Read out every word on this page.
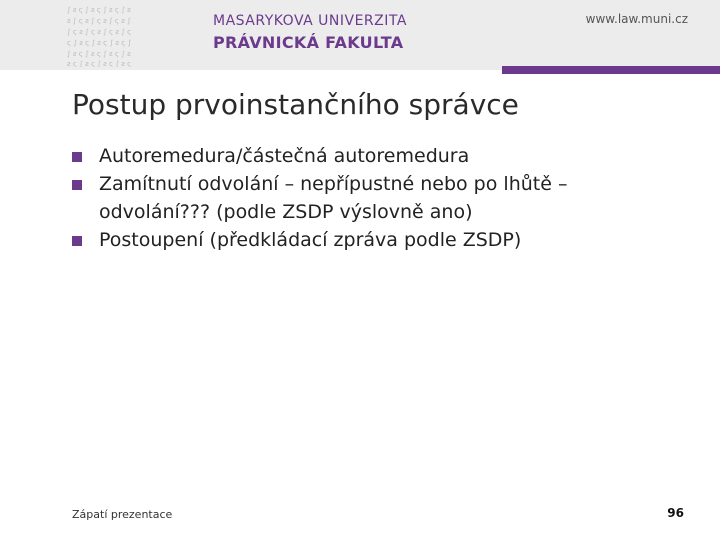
∫ ƨ ς ∫ ƨ ς ∫ ƨ ς ∫ ƨ
ƨ ∫ ς ƨ ∫ ς ƨ ∫ ς ƨ ∫
∫ ς ƨ ∫ ς ƨ ∫ ς ƨ ∫ ς
ς ∫ ƨ ς ∫ ƨ ς ∫ ƨ ς ∫
∫ ƨ ς ∫ ƨ ς ∫ ƨ ς ∫ ƨ
ƨ ς ∫ ƨ ς ∫ ƨ ς ∫ ƨ ς
MASARYKOVA UNIVERZITA
PRÁVNICKÁ FAKULTA
www.law.muni.cz
Postup prvoinstančního správce
Autoremedura/částečná autoremedura
Zamítnutí odvolání – nepřípustné nebo po lhůtě – odvolání??? (podle ZSDP výslovně ano)
Postoupení (předkládací zpráva podle ZSDP)
Zápatí prezentace	96
